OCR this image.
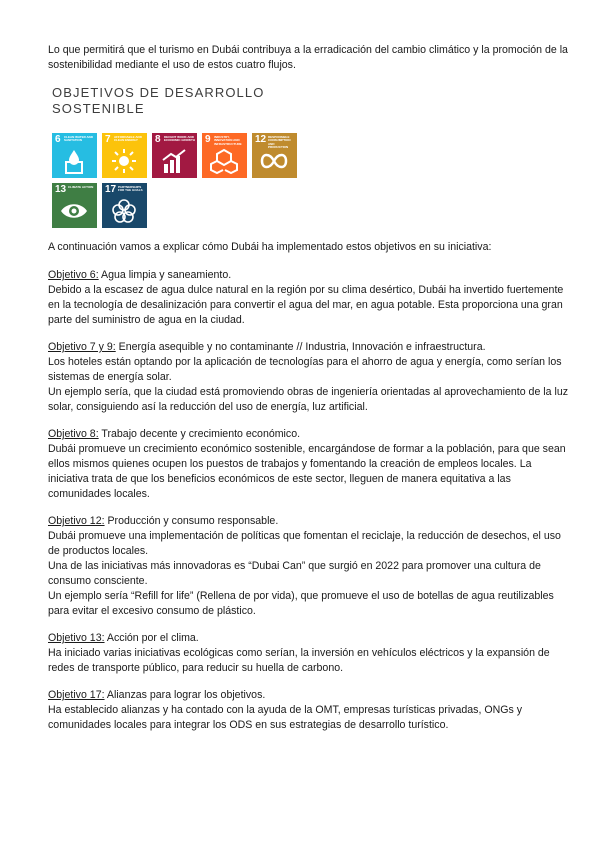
Lo que permitirá que el turismo en Dubái contribuya a la erradicación del cambio climático y la promoción de la sostenibilidad mediante el uso de estos cuatro flujos.

OBJETIVOS DE DESARROLLO
SOSTENIBLE
6 CLEAN WATER AND SANITATION	7 AFFORDABLE AND CLEAN ENERGY	8 DECENT WORK AND ECONOMIC GROWTH 9 INDUSTRY, INNOVATION AND INFRASTRUCTURE	12 RESPONSIBLE CONSUMPTION AND PRODUCTION
13 CLIMATE ACTION 17 PARTNERSHIPS FOR THE GOALS

A continuación vamos a explicar cómo Dubái ha implementado estos objetivos en su iniciativa:

Objetivo 6: Agua limpia y saneamiento.

Debido a la escasez de agua dulce natural en la región por su clima desértico, Dubái ha invertido fuertemente en la tecnología de desalinización para convertir el agua del mar, en agua potable. Esta proporciona una gran parte del suministro de agua en la ciudad.

Objetivo 7 y 9: Energía asequible y no contaminante // Industria, Innovación e infraestructura.

Los hoteles están optando por la aplicación de tecnologías para el ahorro de agua y energía, como serían los sistemas de energía solar.

Un ejemplo sería, que la ciudad está promoviendo obras de ingeniería orientadas al aprovechamiento de la luz solar, consiguiendo así la reducción del uso de energía, luz artificial.

Objetivo 8: Trabajo decente y crecimiento económico.

Dubái promueve un crecimiento económico sostenible, encargándose de formar a la población, para que sean ellos mismos quienes ocupen los puestos de trabajos y fomentando la creación de empleos locales. La iniciativa trata de que los beneficios económicos de este sector, lleguen de manera equitativa a las comunidades locales.

Objetivo 12: Producción y consumo responsable.

Dubái promueve una implementación de políticas que fomentan el reciclaje, la reducción de desechos, el uso de productos locales.

Una de las iniciativas más innovadoras es “Dubai Can” que surgió en 2022 para promover una cultura de consumo consciente.

Un ejemplo sería “Refill for life” (Rellena de por vida), que promueve el uso de botellas de agua reutilizables para evitar el excesivo consumo de plástico.

Objetivo 13: Acción por el clima.

Ha iniciado varias iniciativas ecológicas como serían, la inversión en vehículos eléctricos y la expansión de redes de transporte público, para reducir su huella de carbono.

Objetivo 17: Alianzas para lograr los objetivos.

Ha establecido alianzas y ha contado con la ayuda de la OMT, empresas turísticas privadas, ONGs y comunidades locales para integrar los ODS en sus estrategias de desarrollo turístico.
